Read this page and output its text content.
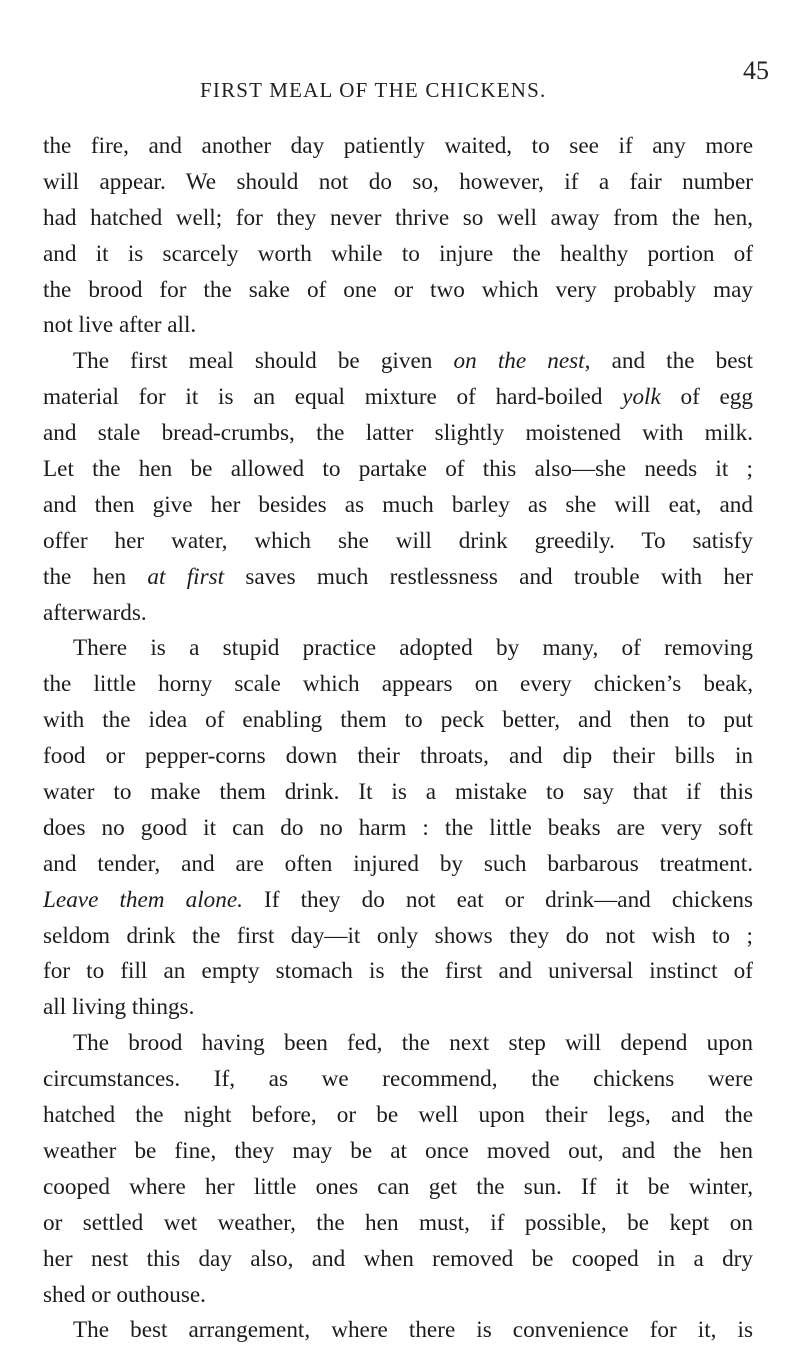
FIRST MEAL OF THE CHICKENS.
45
the fire, and another day patiently waited, to see if any more
will appear. We should not do so, however, if a fair number
had hatched well; for they never thrive so well away from the hen,
and it is scarcely worth while to injure the healthy portion of
the brood for the sake of one or two which very probably may
not live after all.
The first meal should be given on the nest, and the best
material for it is an equal mixture of hard-boiled yolk of egg
and stale bread-crumbs, the latter slightly moistened with milk.
Let the hen be allowed to partake of this also—she needs it ;
and then give her besides as much barley as she will eat, and
offer her water, which she will drink greedily. To satisfy
the hen at first saves much restlessness and trouble with her
afterwards.
There is a stupid practice adopted by many, of removing
the little horny scale which appears on every chicken’s beak,
with the idea of enabling them to peck better, and then to put
food or pepper-corns down their throats, and dip their bills in
water to make them drink. It is a mistake to say that if this
does no good it can do no harm : the little beaks are very soft
and tender, and are often injured by such barbarous treatment.
Leave them alone. If they do not eat or drink—and chickens
seldom drink the first day—it only shows they do not wish to ;
for to fill an empty stomach is the first and universal instinct of
all living things.
The brood having been fed, the next step will depend upon
circumstances. If, as we recommend, the chickens were
hatched the night before, or be well upon their legs, and the
weather be fine, they may be at once moved out, and the hen
cooped where her little ones can get the sun. If it be winter,
or settled wet weather, the hen must, if possible, be kept on
her nest this day also, and when removed be cooped in a dry
shed or outhouse.
The best arrangement, where there is convenience for it, is
